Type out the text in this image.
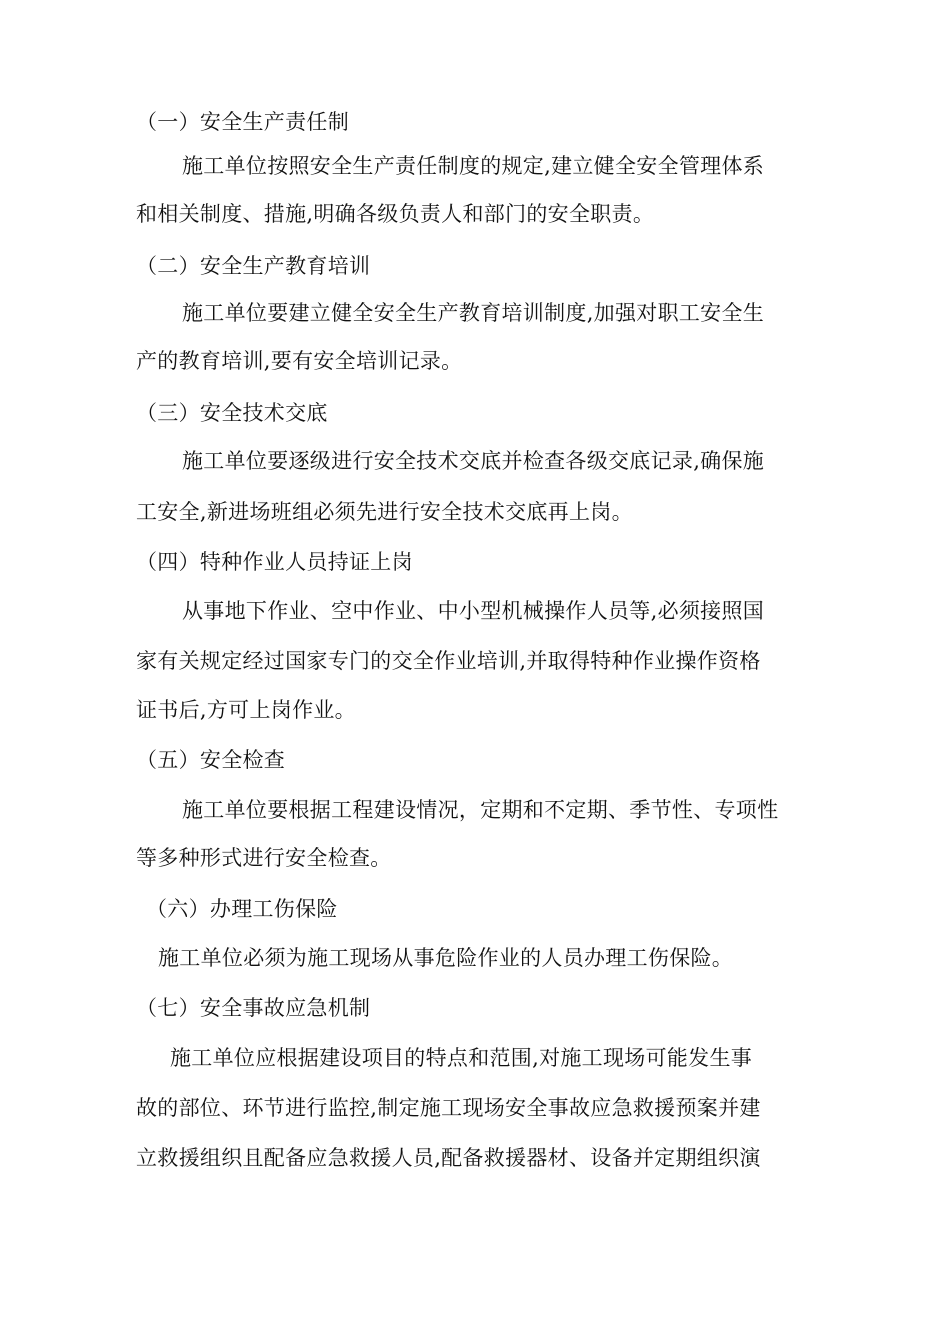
（一）安全生产责任制
施工单位按照安全生产责任制度的规定,建立健全安全管理体系
和相关制度、措施,明确各级负责人和部门的安全职责。
（二）安全生产教育培训
施工单位要建立健全安全生产教育培训制度,加强对职工安全生
产的教育培训,要有安全培训记录。
（三）安全技术交底
施工单位要逐级进行安全技术交底并检查各级交底记录,确保施
工安全,新进场班组必须先进行安全技术交底再上岗。
（四）特种作业人员持证上岗
从事地下作业、空中作业、中小型机械操作人员等,必须接照国
家有关规定经过国家专门的交全作业培训,并取得特种作业操作资格
证书后,方可上岗作业。
（五）安全检查
施工单位要根据工程建设情况，定期和不定期、季节性、专项性
等多种形式进行安全检查。
（六）办理工伤保险
施工单位必须为施工现场从事危险作业的人员办理工伤保险。
（七）安全事故应急机制
施工单位应根据建设项目的特点和范围,对施工现场可能发生事
故的部位、环节进行监控,制定施工现场安全事故应急救援预案并建
立救援组织且配备应急救援人员,配备救援器材、设备并定期组织演
